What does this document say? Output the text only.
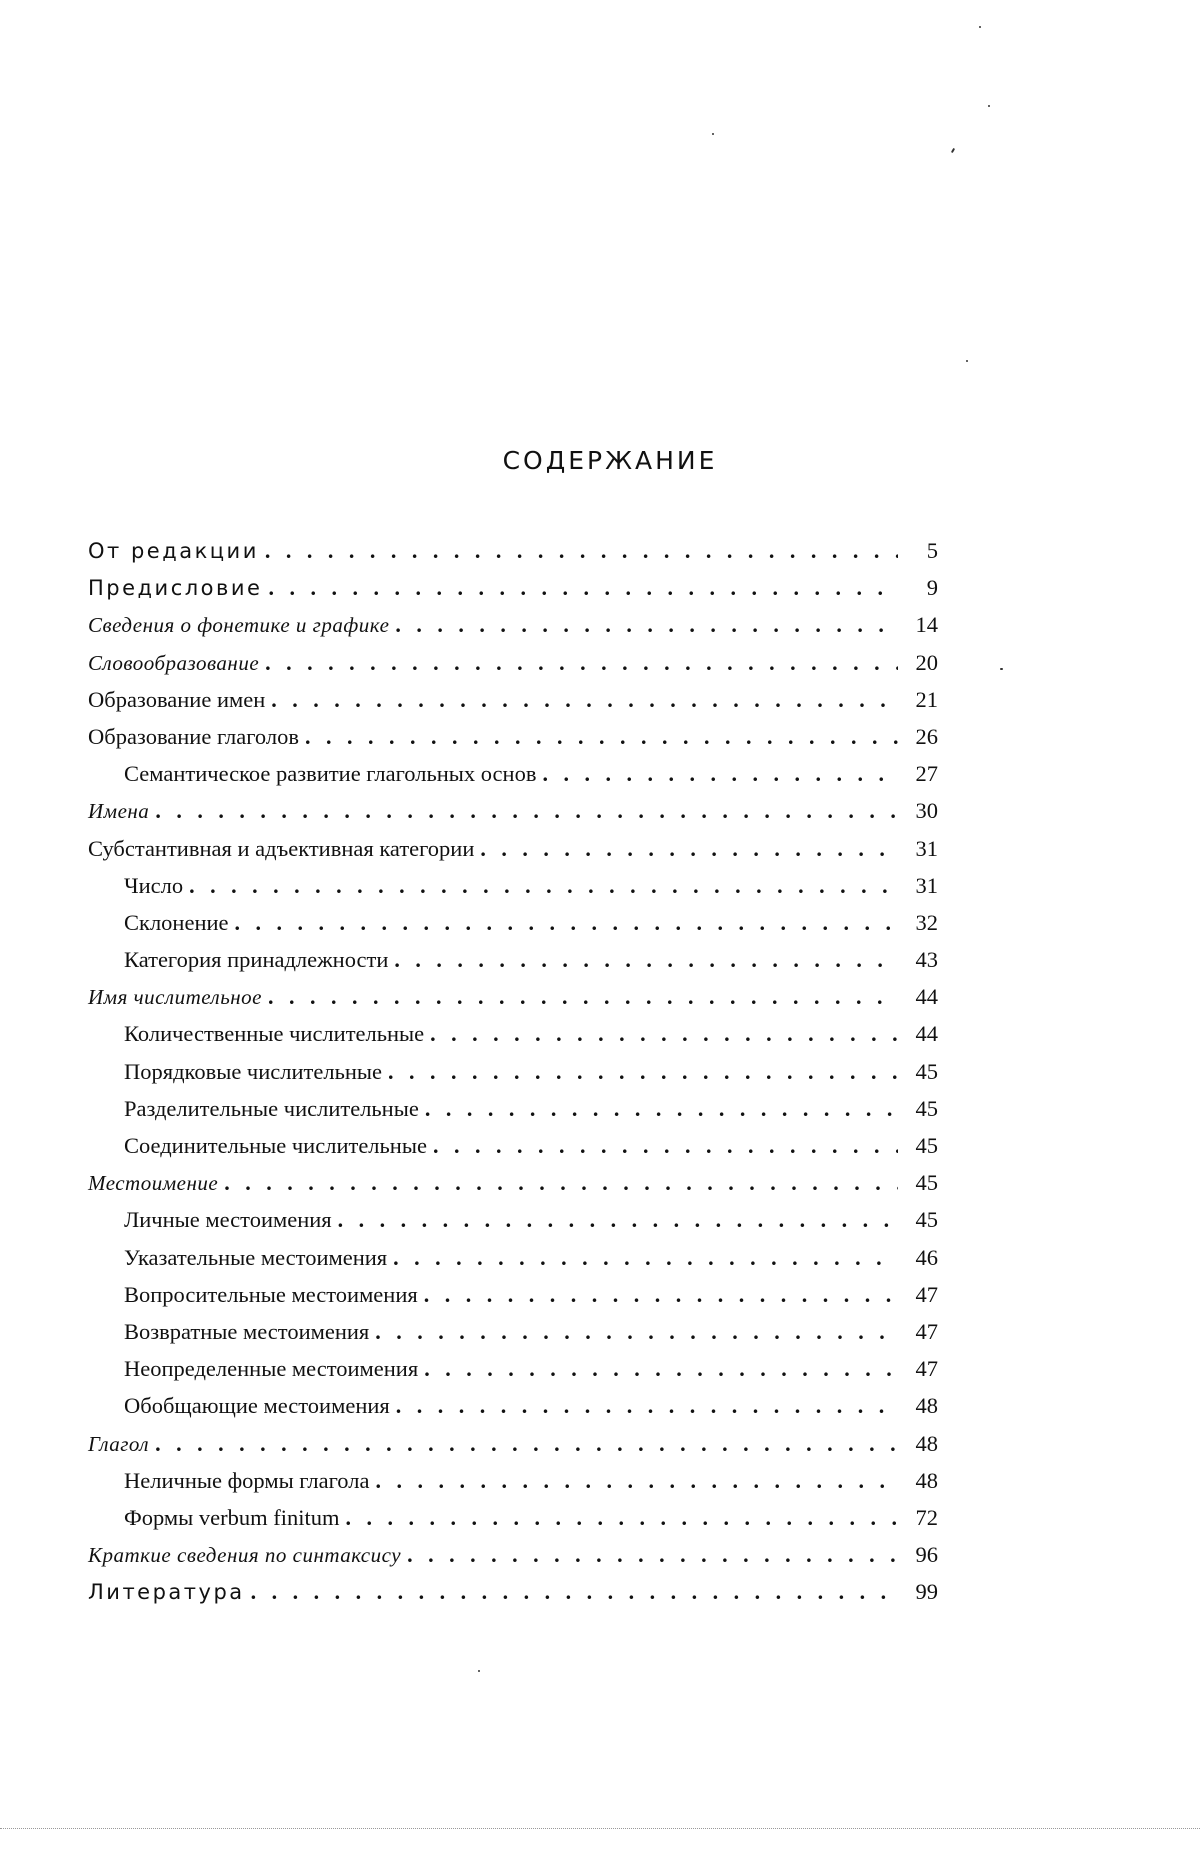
СОДЕРЖАНИЕ
От редакции . . .	5
Предисловие . . .	9
Сведения о фонетике и графике . . .	14
Словообразование . . .	20
Образование имен . . .	21
Образование глаголов . . .	26
Семантическое развитие глагольных основ . . .	27
Имена . . .	30
Субстантивная и адъективная категории . . .	31
Число . . .	31
Склонение . . .	32
Категория принадлежности . . .	43
Имя числительное . . .	44
Количественные числительные . . .	44
Порядковые числительные . . .	45
Разделительные числительные . . .	45
Соединительные числительные . . .	45
Местоимение . . .	45
Личные местоимения . . .	45
Указательные местоимения . . .	46
Вопросительные местоимения . . .	47
Возвратные местоимения . . .	47
Неопределенные местоимения . . .	47
Обобщающие местоимения . . .	48
Глагол . . .	48
Неличные формы глагола . . .	48
Формы verbum finitum . . .	72
Краткие сведения по синтаксису . . .	96
Литература . . .	99
